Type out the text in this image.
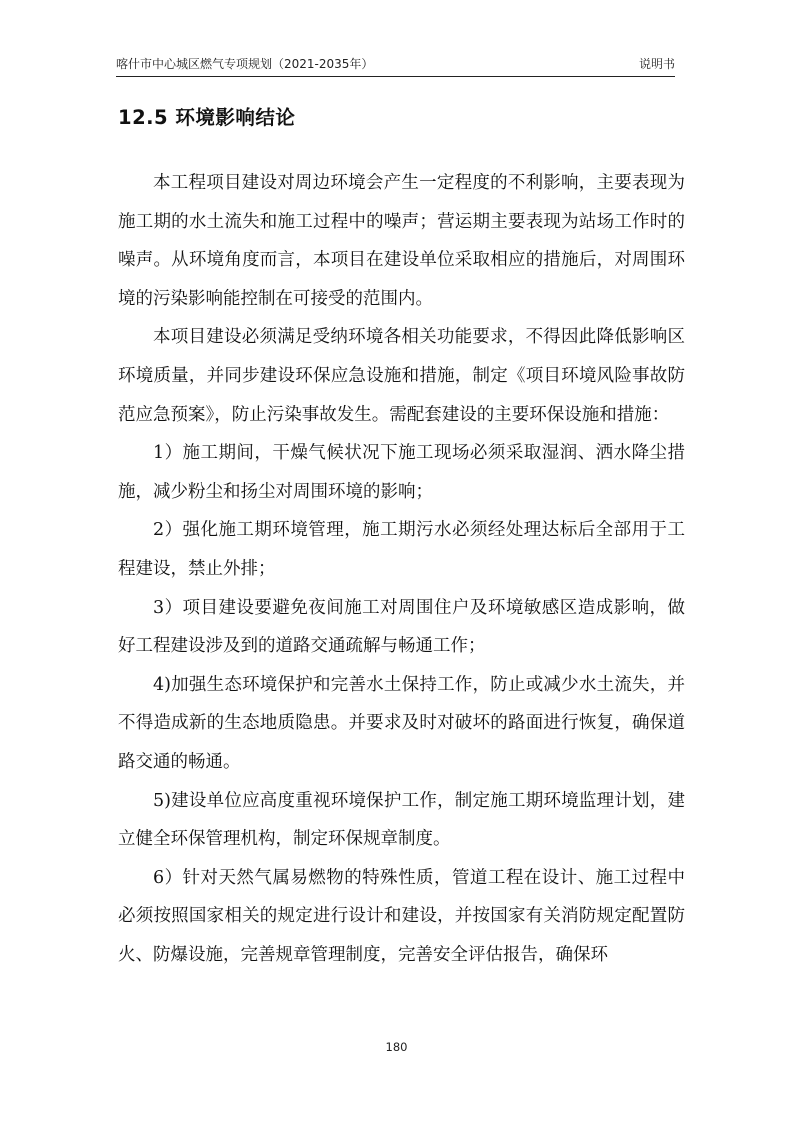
喀什市中心城区燃气专项规划（2021-2035年）	说明书
12.5 环境影响结论

本工程项目建设对周边环境会产生一定程度的不利影响，主要表现为施工期的水土流失和施工过程中的噪声；营运期主要表现为站场工作时的噪声。从环境角度而言，本项目在建设单位采取相应的措施后，对周围环境的污染影响能控制在可接受的范围内。

本项目建设必须满足受纳环境各相关功能要求，不得因此降低影响区环境质量，并同步建设环保应急设施和措施，制定《项目环境风险事故防范应急预案》，防止污染事故发生。需配套建设的主要环保设施和措施：

1）施工期间，干燥气候状况下施工现场必须采取湿润、洒水降尘措施，减少粉尘和扬尘对周围环境的影响；

2）强化施工期环境管理，施工期污水必须经处理达标后全部用于工程建设，禁止外排；

3）项目建设要避免夜间施工对周围住户及环境敏感区造成影响，做好工程建设涉及到的道路交通疏解与畅通工作；

4)加强生态环境保护和完善水土保持工作，防止或减少水土流失，并不得造成新的生态地质隐患。并要求及时对破坏的路面进行恢复，确保道路交通的畅通。

5)建设单位应高度重视环境保护工作，制定施工期环境监理计划，建立健全环保管理机构，制定环保规章制度。

6）针对天然气属易燃物的特殊性质，管道工程在设计、施工过程中必须按照国家相关的规定进行设计和建设，并按国家有关消防规定配置防火、防爆设施，完善规章管理制度，完善安全评估报告，确保环

180
